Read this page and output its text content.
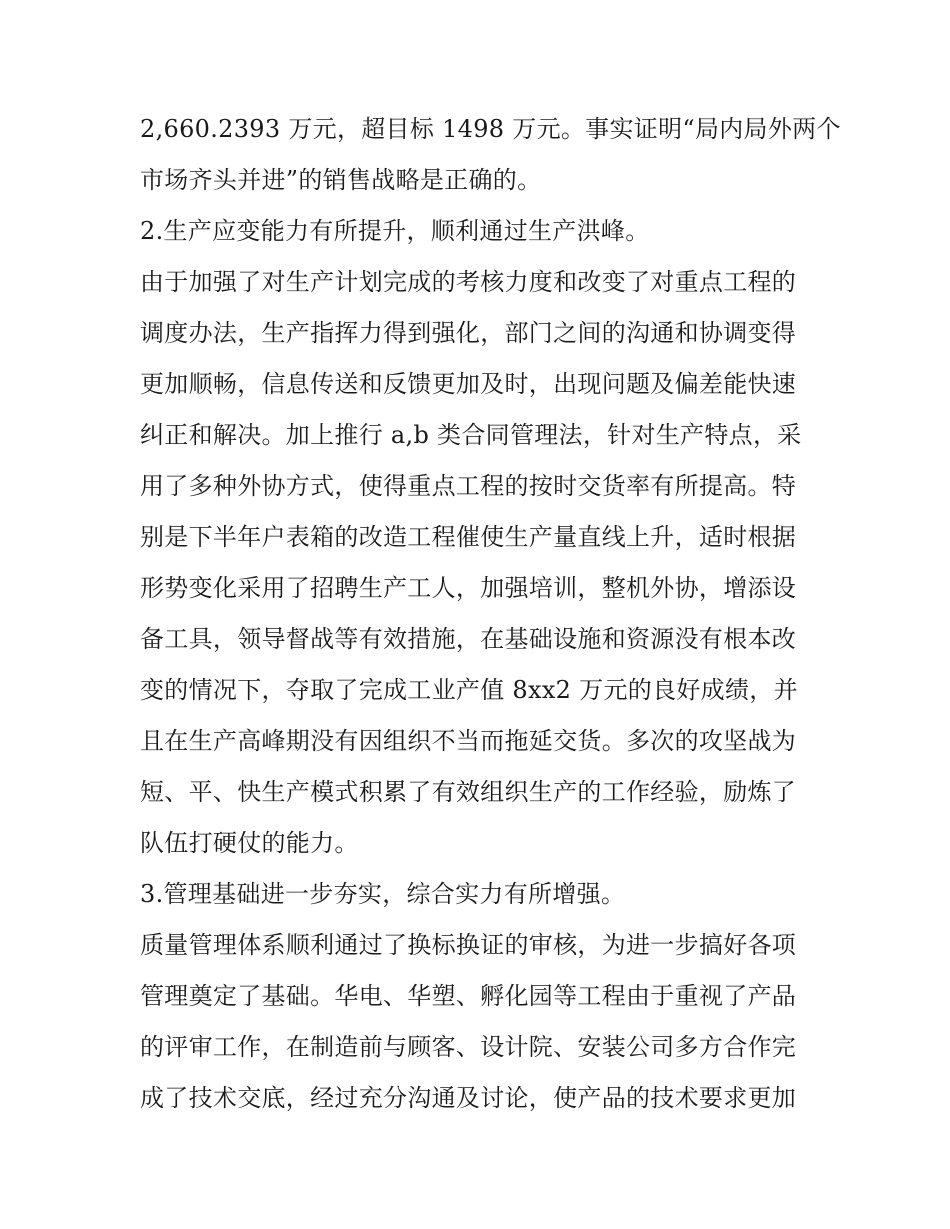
2,660.2393 万元，超目标 1498 万元。事实证明“局内局外两个
市场齐头并进”的销售战略是正确的。
2.生产应变能力有所提升，顺利通过生产洪峰。
由于加强了对生产计划完成的考核力度和改变了对重点工程的
调度办法，生产指挥力得到强化，部门之间的沟通和协调变得
更加顺畅，信息传送和反馈更加及时，出现问题及偏差能快速
纠正和解决。加上推行 a,b 类合同管理法，针对生产特点，采
用了多种外协方式，使得重点工程的按时交货率有所提高。特
别是下半年户表箱的改造工程催使生产量直线上升，适时根据
形势变化采用了招聘生产工人，加强培训，整机外协，增添设
备工具，领导督战等有效措施，在基础设施和资源没有根本改
变的情况下，夺取了完成工业产值 8xx2 万元的良好成绩，并
且在生产高峰期没有因组织不当而拖延交货。多次的攻坚战为
短、平、快生产模式积累了有效组织生产的工作经验，励炼了
队伍打硬仗的能力。
3.管理基础进一步夯实，综合实力有所增强。
质量管理体系顺利通过了换标换证的审核，为进一步搞好各项
管理奠定了基础。华电、华塑、孵化园等工程由于重视了产品
的评审工作，在制造前与顾客、设计院、安装公司多方合作完
成了技术交底，经过充分沟通及讨论，使产品的技术要求更加
